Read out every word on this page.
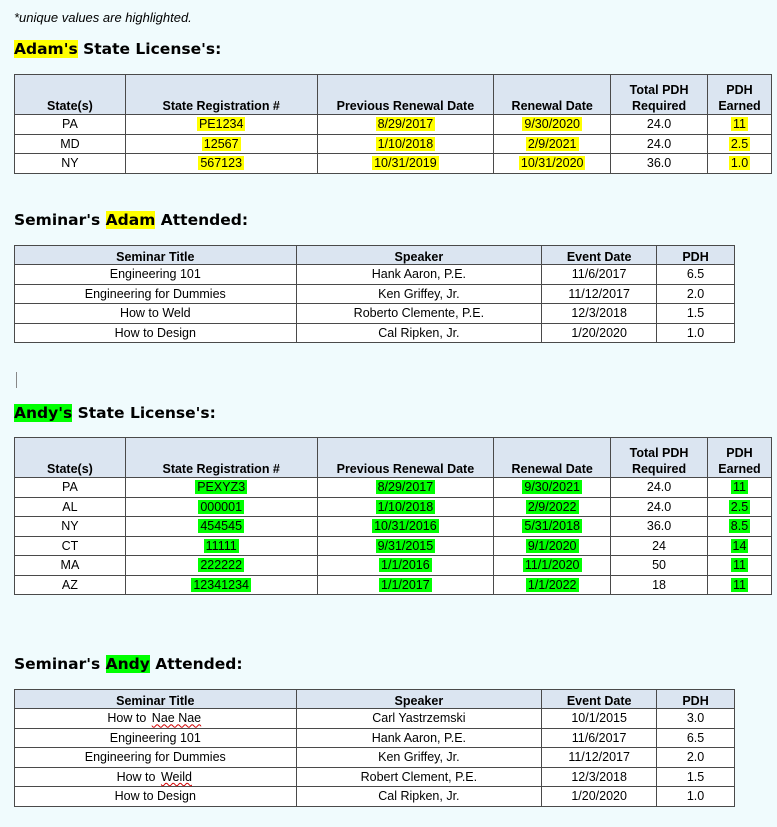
*unique values are highlighted.
Adam's State License's:
State(s)	State Registration #	Previous Renewal Date	Renewal Date	Total PDH Required	PDH Earned
PA	PE1234	8/29/2017	9/30/2020	24.0	11
MD	12567	1/10/2018	2/9/2021	24.0	2.5
NY	567123	10/31/2019	10/31/2020	36.0	1.0
Seminar's Adam Attended:
Seminar Title	Speaker	Event Date	PDH
Engineering 101	Hank Aaron, P.E.	11/6/2017	6.5
Engineering for Dummies	Ken Griffey, Jr.	11/12/2017	2.0
How to Weld	Roberto Clemente, P.E.	12/3/2018	1.5
How to Design	Cal Ripken, Jr.	1/20/2020	1.0
Andy's State License's:
State(s)	State Registration #	Previous Renewal Date	Renewal Date	Total PDH Required	PDH Earned
PA	PEXYZ3	8/29/2017	9/30/2021	24.0	11
AL	000001	1/10/2018	2/9/2022	24.0	2.5
NY	454545	10/31/2016	5/31/2018	36.0	8.5
CT	11111	9/31/2015	9/1/2020	24	14
MA	222222	1/1/2016	11/1/2020	50	11
AZ	12341234	1/1/2017	1/1/2022	18	11
Seminar's Andy Attended:
Seminar Title	Speaker	Event Date	PDH
How to Nae Nae	Carl Yastrzemski	10/1/2015	3.0
Engineering 101	Hank Aaron, P.E.	11/6/2017	6.5
Engineering for Dummies	Ken Griffey, Jr.	11/12/2017	2.0
How to Weild	Robert Clement, P.E.	12/3/2018	1.5
How to Design	Cal Ripken, Jr.	1/20/2020	1.0
